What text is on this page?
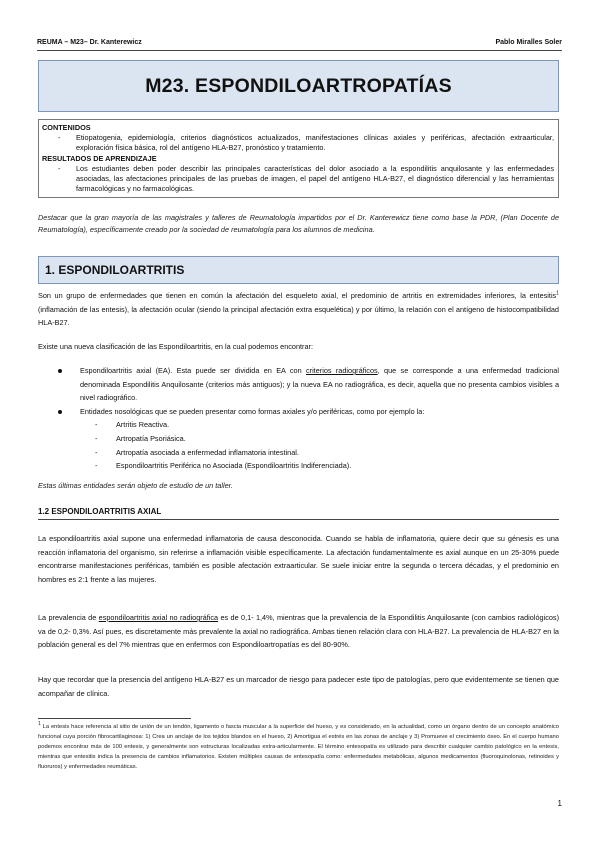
REUMA – M23– Dr. Kanterewicz	Pablo Miralles Soler
M23. ESPONDILOARTROPATÍAS
CONTENIDOS
-	Etiopatogenia, epidemiología, criterios diagnósticos actualizados, manifestaciones clínicas axiales y periféricas, afectación extraarticular, exploración física básica, rol del antígeno HLA-B27, pronóstico y tratamiento.
RESULTADOS DE APRENDIZAJE
-	Los estudiantes deben poder describir las principales características del dolor asociado a la espondilitis anquilosante y las enfermedades asociadas, las afectaciones principales de las pruebas de imagen, el papel del antígeno HLA-B27, el diagnóstico diferencial y las herramientas farmacológicas y no farmacológicas.
Destacar que la gran mayoría de las magistrales y talleres de Reumatología impartidos por el Dr. Kanterewicz tiene como base la PDR, (Plan Docente de Reumatología), específicamente creado por la sociedad de reumatología para los alumnos de medicina.
1. ESPONDILOARTRITIS
Son un grupo de enfermedades que tienen en común la afectación del esqueleto axial, el predominio de artritis en extremidades inferiores, la entesitis$^1$ (inflamación de las entesis), la afectación ocular (siendo la principal afectación extra esquelética) y por último, la relación con el antígeno de histocompatibilidad HLA-B27.
Existe una nueva clasificación de las Espondiloartritis, en la cual podemos encontrar:
Espondiloartritis axial (EA). Esta puede ser dividida en EA con criterios radiográficos, que se corresponde a una enfermedad tradicional denominada Espondilitis Anquilosante (criterios más antiguos); y la nueva EA no radiográfica, es decir, aquella que no presenta cambios visibles a nivel radiográfico.
Entidades nosológicas que se pueden presentar como formas axiales y/o periféricas, como por ejemplo la:
-	Artritis Reactiva.
-	Artropatía Psoriásica.
-	Artropatía asociada a enfermedad inflamatoria intestinal.
-	Espondiloartritis Periférica no Asociada (Espondiloartritis Indiferenciada).
Estas últimas entidades serán objeto de estudio de un taller.
1.2 ESPONDILOARTRITIS AXIAL
La espondiloartritis axial supone una enfermedad inflamatoria de causa desconocida. Cuando se habla de inflamatoria, quiere decir que su génesis es una reacción inflamatoria del organismo, sin referirse a inflamación visible específicamente. La afectación fundamentalmente es axial aunque en un 25-30% puede encontrarse manifestaciones periféricas, también es posible afectación extraarticular. Se suele iniciar entre la segunda o tercera décadas, y el predominio en hombres es 2:1 frente a las mujeres.
La prevalencia de espondiloartritis axial no radiográfica es de 0,1- 1,4%, mientras que la prevalencia de la Espondilitis Anquilosante (con cambios radiológicos) va de 0,2- 0,3%. Así pues, es discretamente más prevalente la axial no radiográfica. Ambas tienen relación clara con HLA-B27. La prevalencia de HLA-B27 en la población general es del 7% mientras que en enfermos con Espondiloartropatías es del 80-90%.
Hay que recordar que la presencia del antígeno HLA-B27 es un marcador de riesgo para padecer este tipo de patologías, pero que evidentemente se tienen que acompañar de clínica.
$^1$ La entesis hace referencia al sitio de unión de un tendón, ligamento o fascia muscular a la superficie del hueso, y es considerado, en la actualidad, como un órgano dentro de un concepto anatómico funcional cuya porción fibrocartilaginosa: 1) Crea un anclaje de los tejidos blandos en el hueso, 2) Amortigua el estrés en las zonas de anclaje y 3) Promueve el crecimiento óseo. En el cuerpo humano podemos encontrar más de 100 entesis, y generalmente son estructuras localizadas extra-articularmente. El término entesopatía es utilizado para describir cualquier cambio patológico en la entesis, mientras que entesitis indica la presencia de cambios inflamatorios. Existen múltiples causas de entesopatía como: enfermedades metabólicas, algunos medicamentos (fluoroquinolonas, retinoides y fluoruros) y enfermedades reumáticas.
1
